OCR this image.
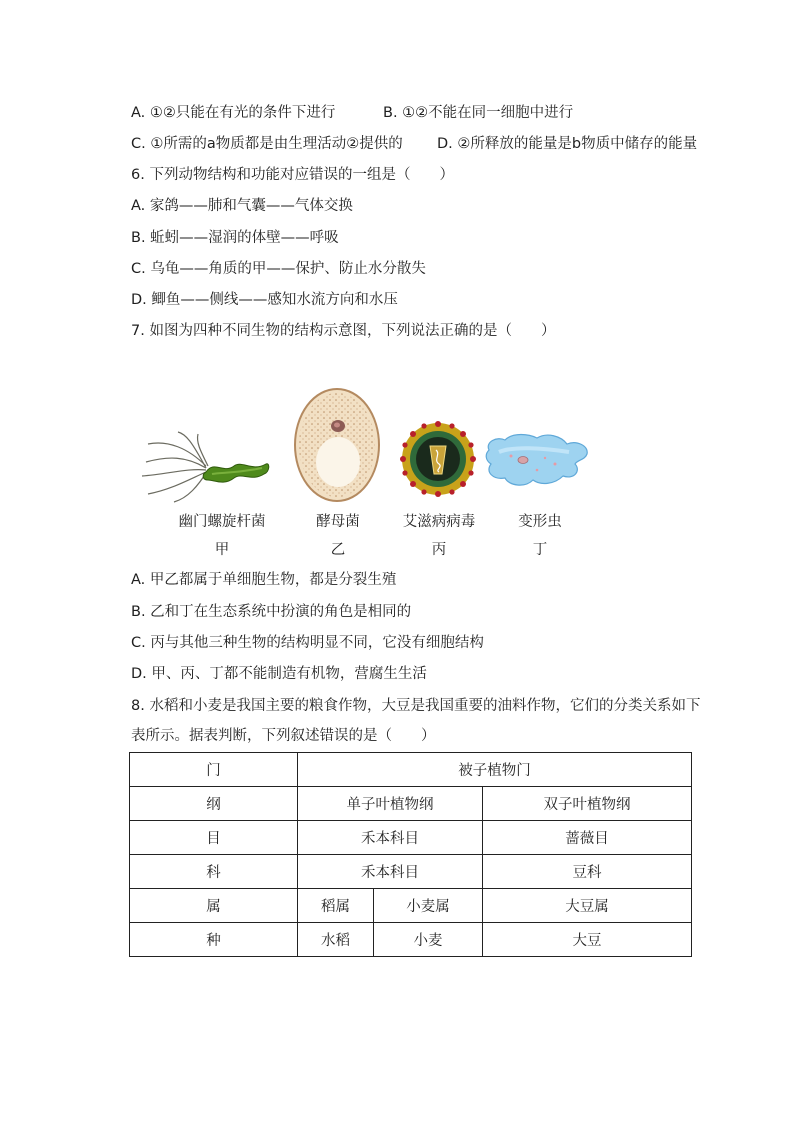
A. ①②只能在有光的条件下进行	B. ①②不能在同一细胞中进行
C. ①所需的a物质都是由生理活动②提供的 D. ②所释放的能量是b物质中储存的能量
6. 下列动物结构和功能对应错误的一组是（　　）
A. 家鸽——肺和气囊——气体交换
B. 蚯蚓——湿润的体壁——呼吸
C. 乌龟——角质的甲——保护、防止水分散失
D. 鲫鱼——侧线——感知水流方向和水压
7. 如图为四种不同生物的结构示意图，下列说法正确的是（　　）
幽门螺旋杆菌
甲
酵母菌
乙
艾滋病病毒
丙
变形虫
丁
A. 甲乙都属于单细胞生物，都是分裂生殖
B. 乙和丁在生态系统中扮演的角色是相同的
C. 丙与其他三种生物的结构明显不同，它没有细胞结构
D. 甲、丙、丁都不能制造有机物，营腐生生活
8. 水稻和小麦是我国主要的粮食作物，大豆是我国重要的油料作物，它们的分类关系如下
表所示。据表判断，下列叙述错误的是（　　）
门	被子植物门		
纲	单子叶植物纲		双子叶植物纲
目	禾本科目		蔷薇目
科	禾本科目		豆科
属	稻属	小麦属	大豆属
种	水稻	小麦	大豆
